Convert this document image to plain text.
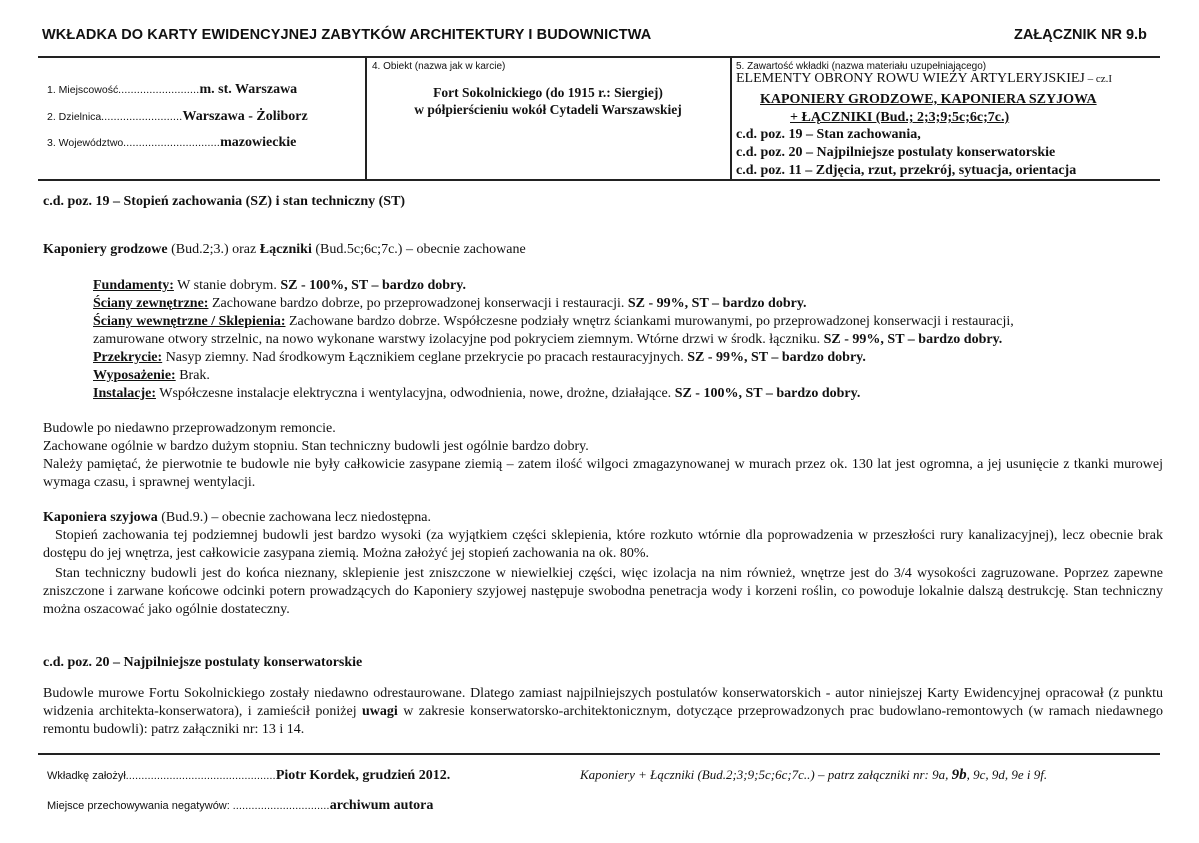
WKŁADKA DO KARTY EWIDENCYJNEJ ZABYTKÓW ARCHITEKTURY I BUDOWNICTWA	ZAŁĄCZNIK NR 9.b
1. Miejscowość..........................m. st. Warszawa
2. Dzielnica..........................Warszawa - Żoliborz
3. Województwo...............................mazowieckie
4. Obiekt (nazwa jak w karcie)
Fort Sokolnickiego (do 1915 r.: Siergiej)
w półpierścieniu wokół Cytadeli Warszawskiej
5. Zawartość wkładki (nazwa materiału uzupełniającego)
ELEMENTY OBRONY ROWU WIEŻY ARTYLERYJSKIEJ – cz.I
KAPONIERY GRODZOWE, KAPONIERA SZYJOWA
+ ŁĄCZNIKI (Bud.; 2;3;9;5c;6c;7c.)
c.d. poz. 19 – Stan zachowania,
c.d. poz. 20 – Najpilniejsze postulaty konserwatorskie
c.d. poz. 11 – Zdjęcia, rzut, przekrój, sytuacja, orientacja
c.d. poz. 19 – Stopień zachowania (SZ) i stan techniczny (ST)
Kaponiery grodzowe (Bud.2;3.) oraz Łączniki (Bud.5c;6c;7c.) – obecnie zachowane
Fundamenty: W stanie dobrym. SZ - 100%, ST – bardzo dobry.
Ściany zewnętrzne: Zachowane bardzo dobrze, po przeprowadzonej konserwacji i restauracji. SZ - 99%, ST – bardzo dobry.
Ściany wewnętrzne / Sklepienia: Zachowane bardzo dobrze. Współczesne podziały wnętrz ściankami murowanymi, po przeprowadzonej konserwacji i restauracji,
zamurowane otwory strzelnic, na nowo wykonane warstwy izolacyjne pod pokryciem ziemnym. Wtórne drzwi w środk. łączniku. SZ - 99%, ST – bardzo dobry.
Przekrycie: Nasyp ziemny. Nad środkowym Łącznikiem ceglane przekrycie po pracach restauracyjnych. SZ - 99%, ST – bardzo dobry.
Wyposażenie: Brak.
Instalacje: Współczesne instalacje elektryczna i wentylacyjna, odwodnienia, nowe, drożne, działające. SZ - 100%, ST – bardzo dobry.
Budowle po niedawno przeprowadzonym remoncie.
Zachowane ogólnie w bardzo dużym stopniu. Stan techniczny budowli jest ogólnie bardzo dobry.
Należy pamiętać, że pierwotnie te budowle nie były całkowicie zasypane ziemią – zatem ilość wilgoci zmagazynowanej w murach przez ok. 130 lat jest ogromna, a jej usunięcie z tkanki murowej wymaga czasu, i sprawnej wentylacji.
Kaponiera szyjowa (Bud.9.) – obecnie zachowana lecz niedostępna.
Stopień zachowania tej podziemnej budowli jest bardzo wysoki (za wyjątkiem części sklepienia, które rozkuto wtórnie dla poprowadzenia w przeszłości rury kanalizacyjnej), lecz obecnie brak dostępu do jej wnętrza, jest całkowicie zasypana ziemią. Można założyć jej stopień zachowania na ok. 80%.
Stan techniczny budowli jest do końca nieznany, sklepienie jest zniszczone w niewielkiej części, więc izolacja na nim również, wnętrze jest do 3/4 wysokości zagruzowane. Poprzez zapewne zniszczone i zarwane końcowe odcinki potern prowadzących do Kaponiery szyjowej następuje swobodna penetracja wody i korzeni roślin, co powoduje lokalnie dalszą destrukcję. Stan techniczny można oszacować jako ogólnie dostateczny.
c.d. poz. 20 – Najpilniejsze postulaty konserwatorskie
Budowle murowe Fortu Sokolnickiego zostały niedawno odrestaurowane. Dlatego zamiast najpilniejszych postulatów konserwatorskich - autor niniejszej Karty Ewidencyjnej opracował (z punktu widzenia architekta-konserwatora), i zamieścił poniżej uwagi w zakresie konserwatorsko-architektonicznym, dotyczące przeprowadzonych prac budowlano-remontowych (w ramach niedawnego remontu budowli): patrz załączniki nr: 13 i 14.
Wkładkę założył................................................Piotr Kordek, grudzień 2012.
Miejsce przechowywania negatywów: ...............................archiwum autora
Kaponiery + Łączniki (Bud.2;3;9;5c;6c;7c..) – patrz załączniki nr: 9a, 9b, 9c, 9d, 9e i 9f.
